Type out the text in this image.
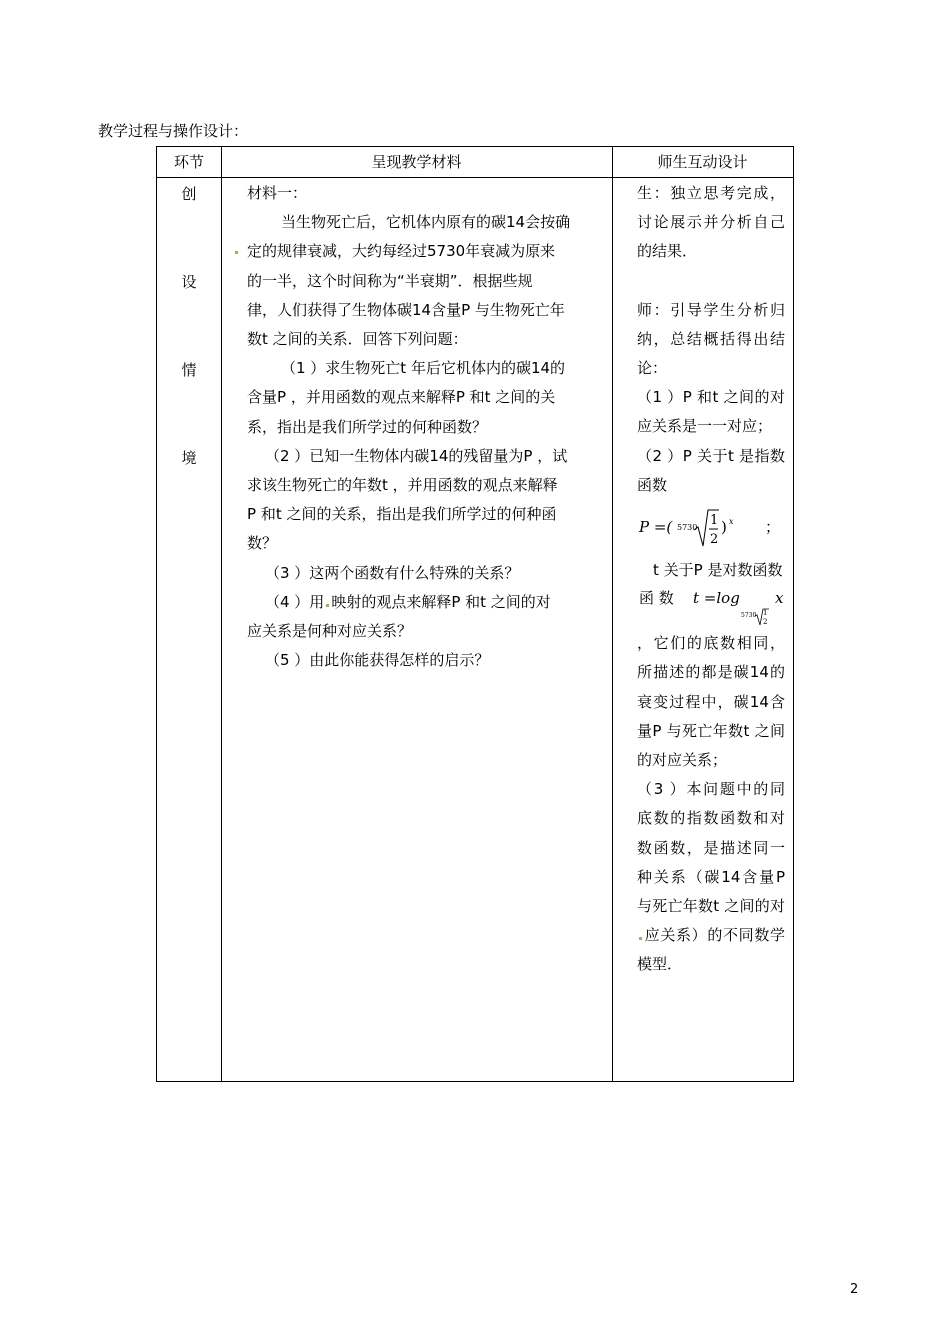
教学过程与操作设计：
环节	呈现教学材料	师生互动设计
创
设
情
境

材料一：

当生物死亡后，它机体内原有的碳14会按确

定的规律衰减，大约每经过5730年衰减为原来

的一半，这个时间称为“半衰期”．根据些规

律，人们获得了生物体碳14含量P 与生物死亡年

数t 之间的关系．回答下列问题：

（1 ）求生物死亡t 年后它机体内的碳14的

含量P ，并用函数的观点来解释P 和t 之间的关

系，指出是我们所学过的何种函数？

（2 ）已知一生物体内碳14的残留量为P ，试

求该生物死亡的年数t ，并用函数的观点来解释

P 和t 之间的关系，指出是我们所学过的何种函

数？

（3 ）这两个函数有什么特殊的关系？

（4 ）用 映射的观点来解释P 和t 之间的对

应关系是何种对应关系？

（5 ）由此你能获得怎样的启示？

生：独立思考完成，讨论展示并分析自己的结果．

师：引导学生分析归纳，总结概括得出结论：

（1 ）P 和t 之间的对应关系是一一对应；

（2 ）P 关于t 是指数函数

P =( 5730 1
2
) x ；

t 关于P 是对数函数

函 数 t =log
5730 1
2
x

，它们的底数相同，所描述的都是碳14的衰变过程中，碳14含量P 与死亡年数t 之间的对应关系；

（3 ）本问题中的同底数的指数函数和对数函数，是描述同一种关系（碳14含量P 与死亡年数t 之间的对应关系）的不同数学模型．

2
